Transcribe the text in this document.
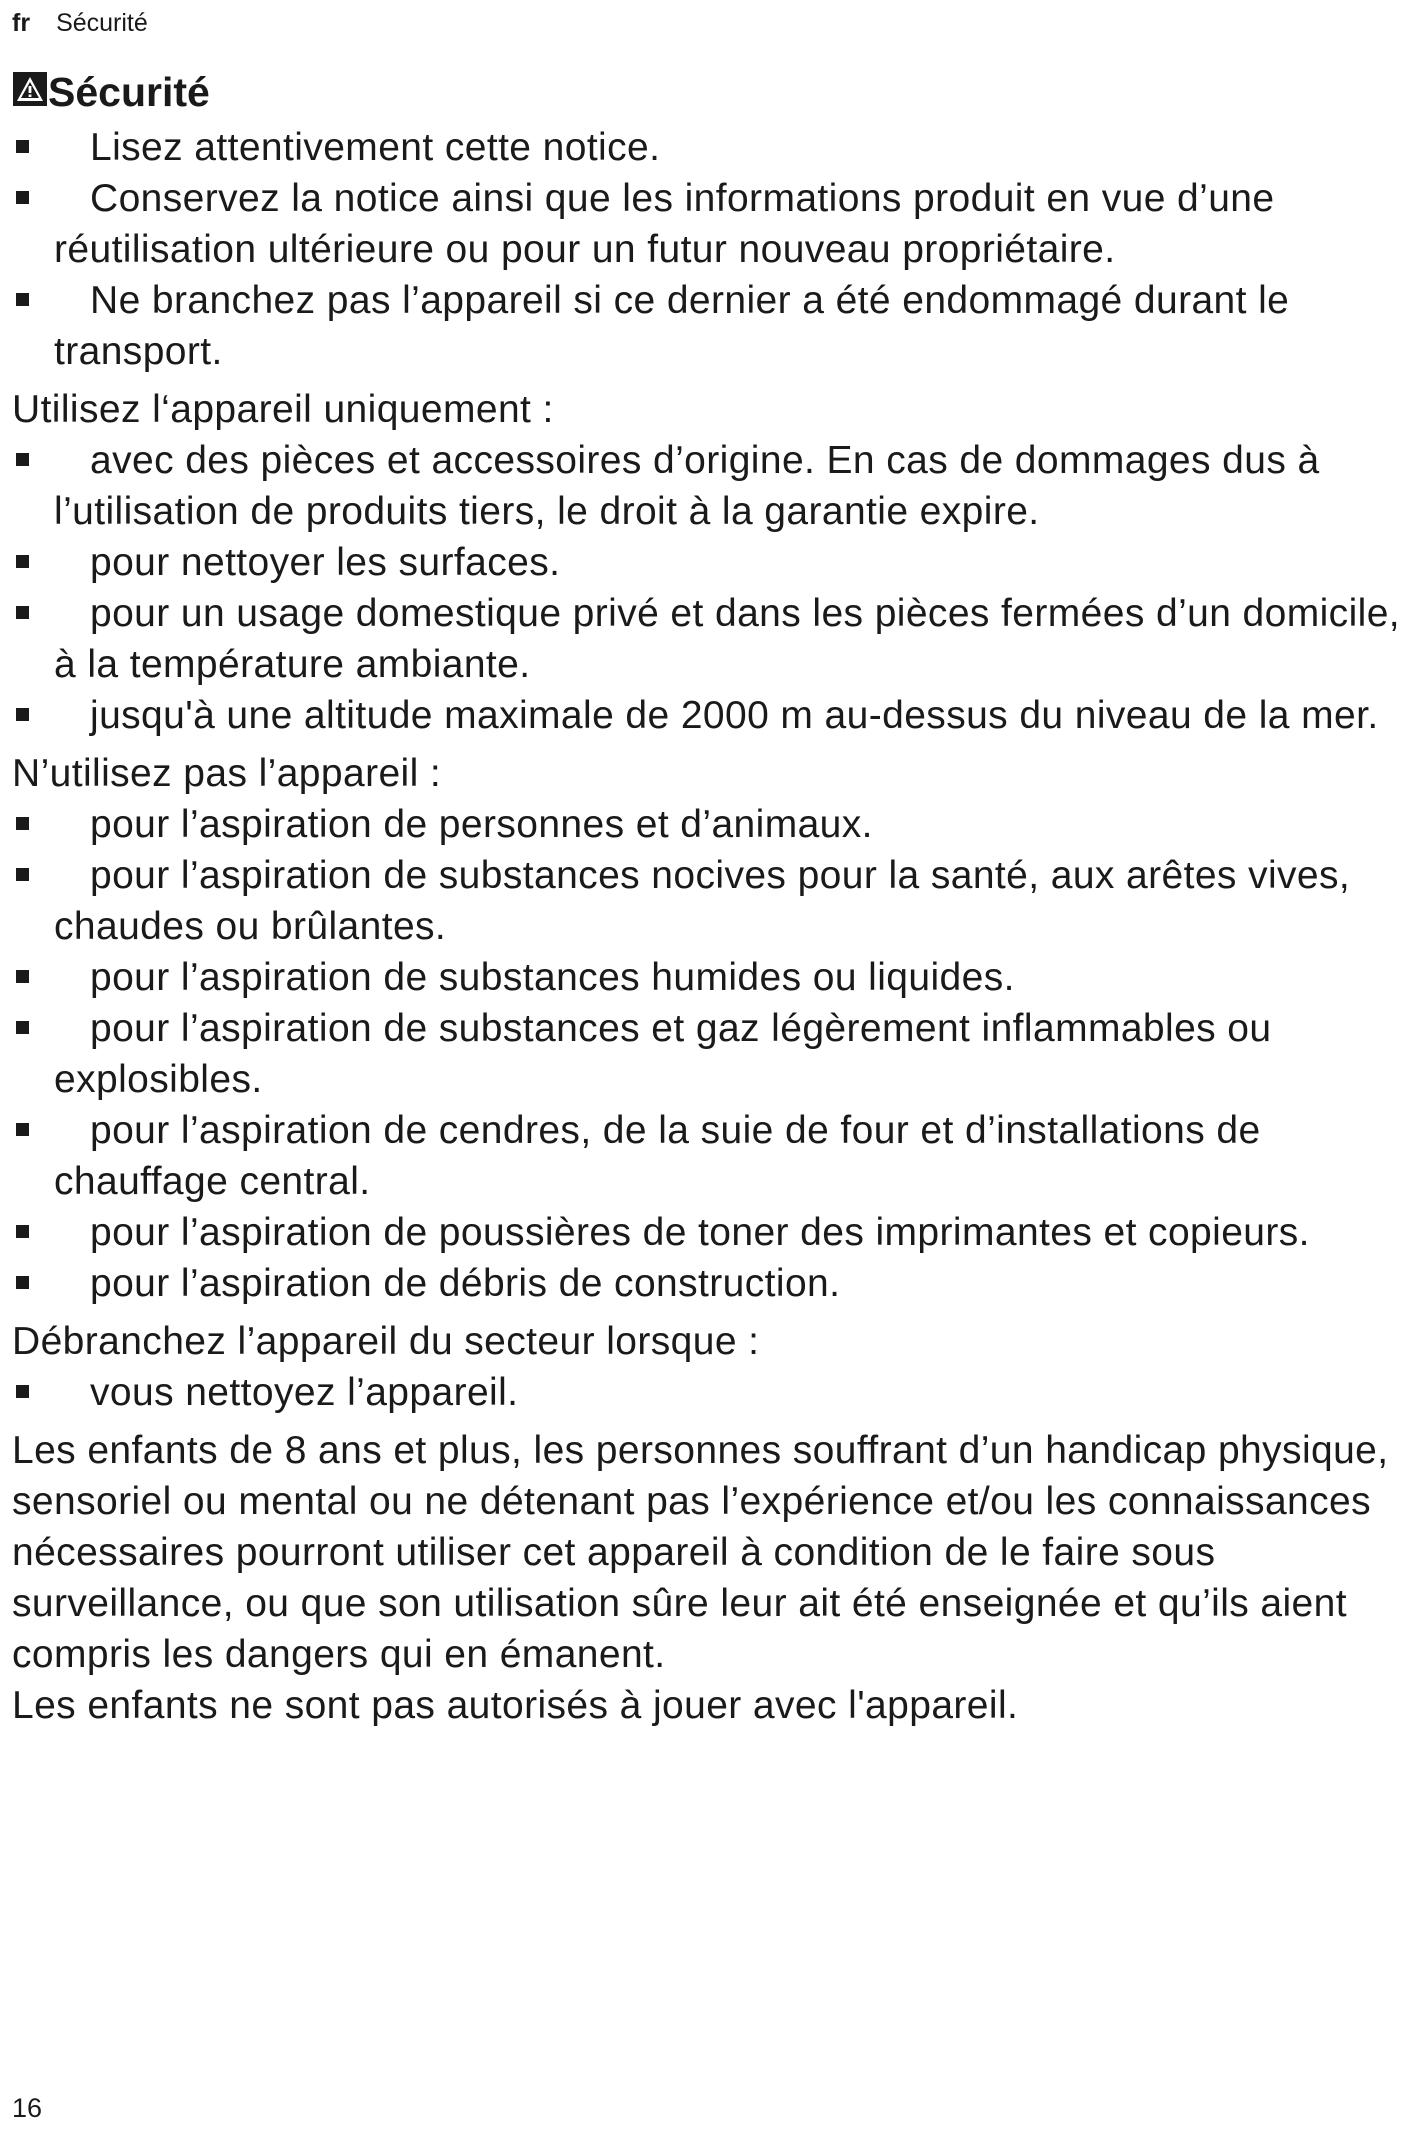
fr Sécurité
Sécurité
Lisez attentivement cette notice.
Conservez la notice ainsi que les informations produit en vue d’une réutilisation ultérieure ou pour un futur nouveau propriétaire.
Ne branchez pas l’appareil si ce dernier a été endommagé durant le transport.
Utilisez l‘appareil uniquement :
avec des pièces et accessoires d’origine. En cas de dommages dus à l’utilisation de produits tiers, le droit à la garantie expire.
pour nettoyer les surfaces.
pour un usage domestique privé et dans les pièces fermées d’un domicile, à la température ambiante.
jusqu'à une altitude maximale de 2000 m au-dessus du niveau de la mer.
N’utilisez pas l’appareil :
pour l’aspiration de personnes et d’animaux.
pour l’aspiration de substances nocives pour la santé, aux arêtes vives, chaudes ou brûlantes.
pour l’aspiration de substances humides ou liquides.
pour l’aspiration de substances et gaz légèrement inflammables ou explosibles.
pour l’aspiration de cendres, de la suie de four et d’installations de chauffage central.
pour l’aspiration de poussières de toner des imprimantes et copieurs.
pour l’aspiration de débris de construction.
Débranchez l’appareil du secteur lorsque :
vous nettoyez l’appareil.
Les enfants de 8 ans et plus, les personnes souffrant d’un handicap physique, sensoriel ou mental ou ne détenant pas l’expérience et/ou les connaissances nécessaires pourront utiliser cet appareil à condition de le faire sous surveillance, ou que son utilisation sûre leur ait été enseignée et qu’ils aient compris les dangers qui en émanent.
Les enfants ne sont pas autorisés à jouer avec l'appareil.
16
